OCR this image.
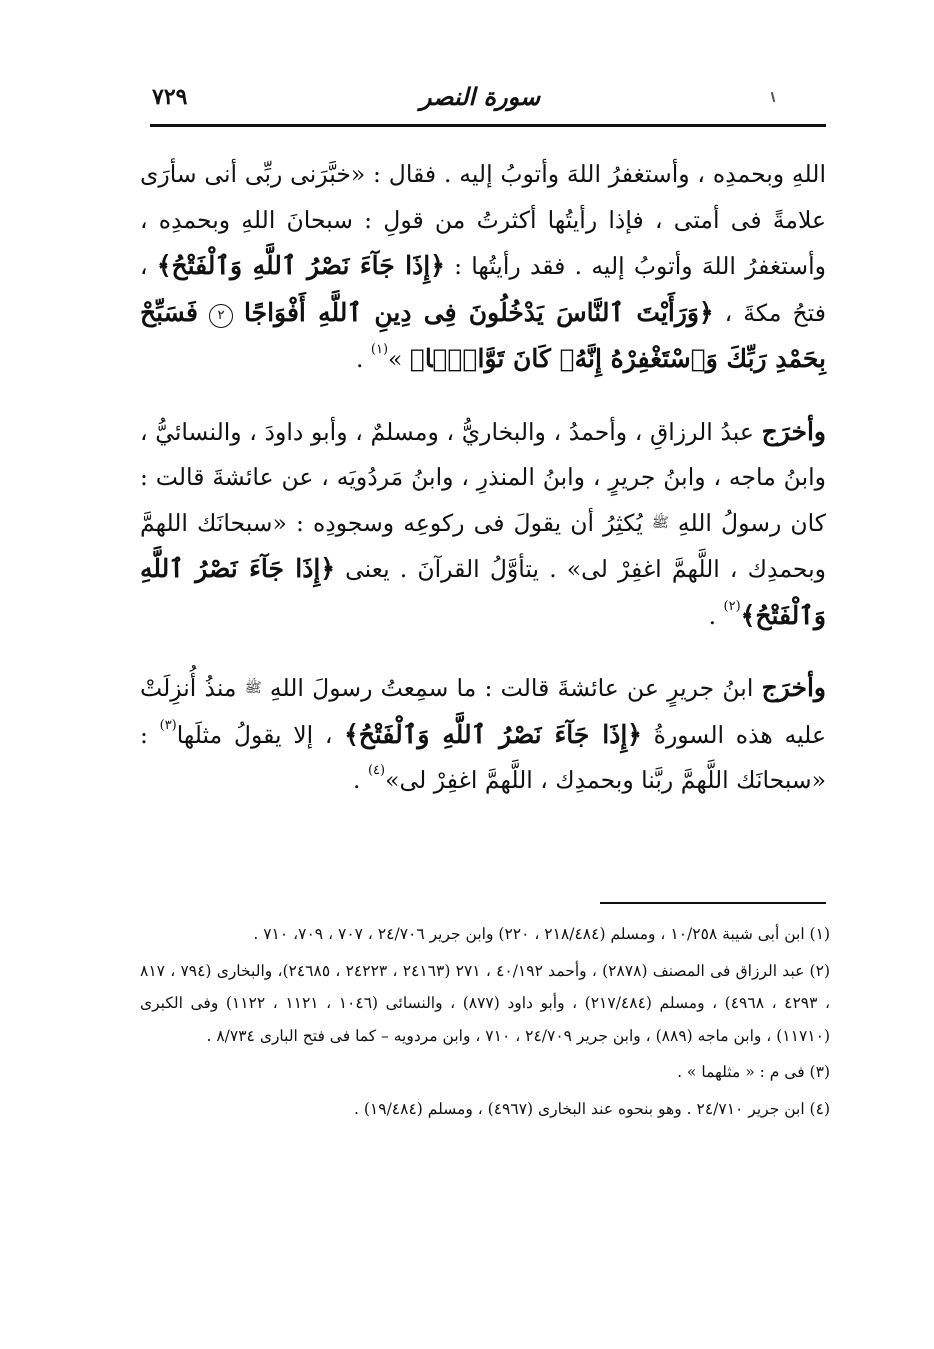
سورة النصر
٧٢٩

اللهِ وبحمدِه ، وأستغفرُ اللهَ وأتوبُ إليه . فقال : «خبَّرَنى ربِّى أنى سأرَى علامةً فى أمتى ، فإذا رأيتُها أكثرتُ من قولِ : سبحانَ اللهِ وبحمدِه ، وأستغفرُ اللهَ وأتوبُ إليه . فقد رأيتُها : ﴿إِذَا جَآءَ نَصْرُ ٱللَّهِ وَٱلْفَتْحُ﴾ ، فتحُ مكةَ ، ﴿وَرَأَيْتَ ٱلنَّاسَ يَدْخُلُونَ فِى دِينِ ٱللَّهِ أَفْوَاجًا ٢ فَسَبِّحْ بِحَمْدِ رَبِّكَ وَٱسْتَغْفِرْهُ إِنَّهُۥ كَانَ تَوَّابًۢا﴾ »$^{(١)}$ .

وأخرَج عبدُ الرزاقِ ، وأحمدُ ، والبخاريُّ ، ومسلمٌ ، وأبو داودَ ، والنسائيُّ ، وابنُ ماجه ، وابنُ جريرٍ ، وابنُ المنذرِ ، وابنُ مَردُويَه ، عن عائشةَ قالت : كان رسولُ اللهِ ﷺ يُكثِرُ أن يقولَ فى ركوعِه وسجودِه : «سبحانَك اللهمَّ وبحمدِك ، اللَّهمَّ اغفِرْ لى» . يتأوَّلُ القرآنَ . يعنى ﴿إِذَا جَآءَ نَصْرُ ٱللَّهِ وَٱلْفَتْحُ﴾$^{(٢)}$ .

وأخرَج ابنُ جريرٍ عن عائشةَ قالت : ما سمِعتُ رسولَ اللهِ ﷺ منذُ أُنزِلَتْ عليه هذه السورةُ ﴿إِذَا جَآءَ نَصْرُ ٱللَّهِ وَٱلْفَتْحُ﴾ ، إلا يقولُ مثلَها$^{(٣)}$ : «سبحانَك اللَّهمَّ ربَّنا وبحمدِك ، اللَّهمَّ اغفِرْ لى»$^{(٤)}$ .

(١) ابن أبى شيبة ١٠/٢٥٨ ، ومسلم (٢١٨/٤٨٤ ، ٢٢٠) وابن جرير ٢٤/٧٠٦ ، ٧٠٧ ، ٧٠٩، ٧١٠ .

(٢) عبد الرزاق فى المصنف (٢٨٧٨) ، وأحمد ٤٠/١٩٢ ، ٢٧١ (٢٤١٦٣ ، ٢٤٢٢٣ ، ٢٤٦٨٥)، والبخارى (٧٩٤ ، ٨١٧ ، ٤٢٩٣ ، ٤٩٦٨) ، ومسلم (٢١٧/٤٨٤) ، وأبو داود (٨٧٧) ، والنسائى (١٠٤٦ ، ١١٢١ ، ١١٢٢) وفى الكبرى (١١٧١٠) ، وابن ماجه (٨٨٩) ، وابن جرير ٢٤/٧٠٩ ، ٧١٠ ، وابن مردويه – كما فى فتح البارى ٨/٧٣٤ .

(٣) فى م : « مثلهما » .

(٤) ابن جرير ٢٤/٧١٠ . وهو بنحوه عند البخارى (٤٩٦٧) ، ومسلم (١٩/٤٨٤) .
